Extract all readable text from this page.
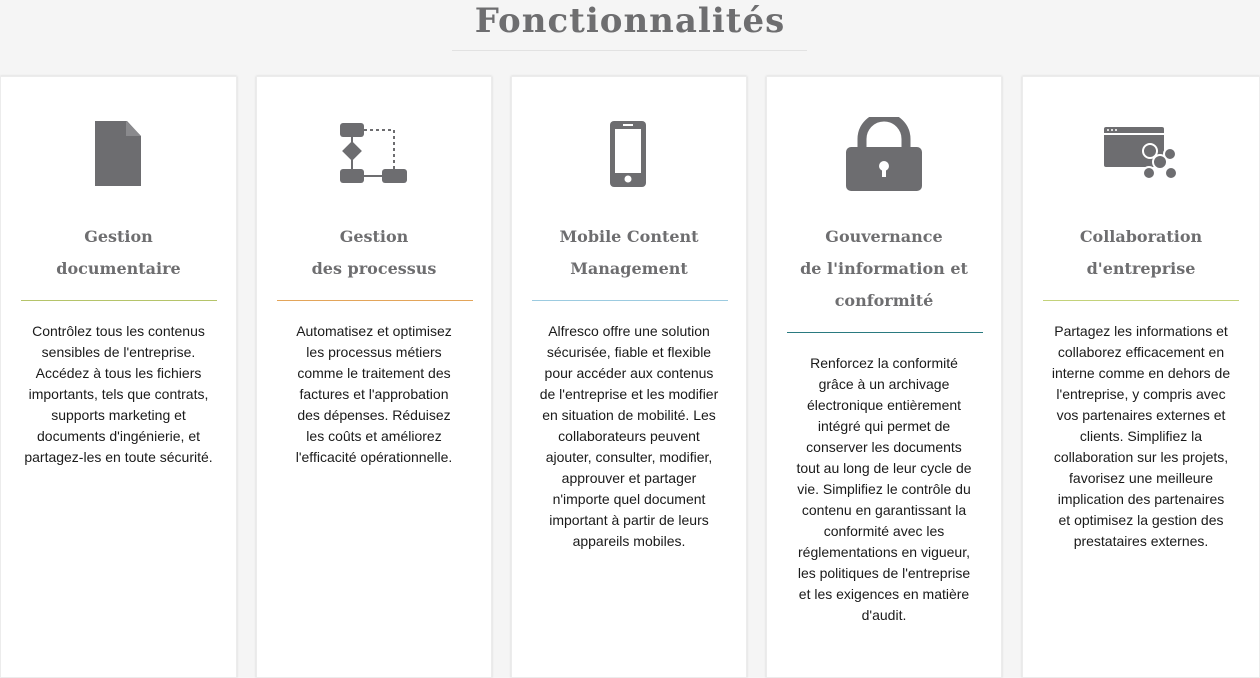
Fonctionnalités
Gestion
documentaire
Contrôlez tous les contenus sensibles de l'entreprise. Accédez à tous les fichiers importants, tels que contrats, supports marketing et documents d'ingénierie, et partagez-les en toute sécurité.
Gestion
des processus
Automatisez et optimisez les processus métiers comme le traitement des factures et l'approbation des dépenses. Réduisez les coûts et améliorez l'efficacité opérationnelle.
Mobile Content
Management
Alfresco offre une solution sécurisée, fiable et flexible pour accéder aux contenus de l'entreprise et les modifier en situation de mobilité. Les collaborateurs peuvent ajouter, consulter, modifier, approuver et partager n'importe quel document important à partir de leurs appareils mobiles.
Gouvernance
de l'information et
conformité
Renforcez la conformité grâce à un archivage électronique entièrement intégré qui permet de conserver les documents tout au long de leur cycle de vie. Simplifiez le contrôle du contenu en garantissant la conformité avec les réglementations en vigueur, les politiques de l'entreprise et les exigences en matière d'audit.
Collaboration
d'entreprise
Partagez les informations et collaborez efficacement en interne comme en dehors de l'entreprise, y compris avec vos partenaires externes et clients. Simplifiez la collaboration sur les projets, favorisez une meilleure implication des partenaires et optimisez la gestion des prestataires externes.
